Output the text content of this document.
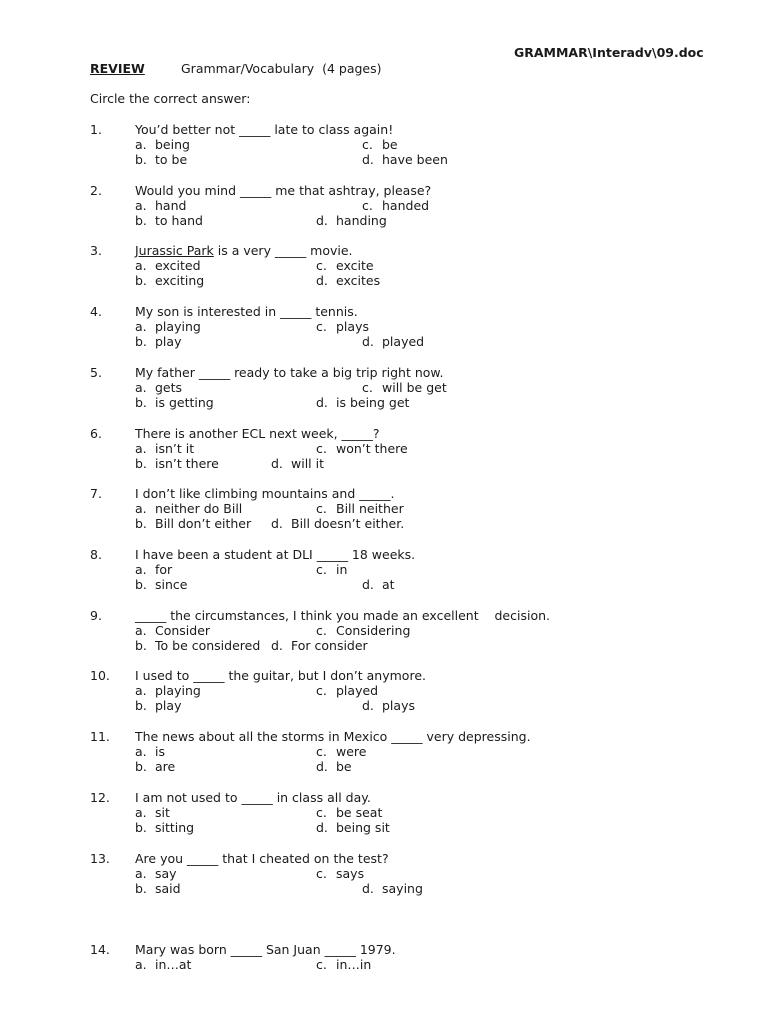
GRAMMAR\Interadv\09.doc
REVIEW	Grammar/Vocabulary  (4 pages)
Circle the correct answer:
1.	You’d better not _____ late to class again!
a. being	c. be
b. to be	d. have been
2.	Would you mind _____ me that ashtray, please?
a. hand	c. handed
b. to hand	d. handing
3.	Jurassic Park is a very _____ movie.
a. excited	c. excite
b. exciting	d. excites
4.	My son is interested in _____ tennis.
a. playing	c. plays
b. play	d. played
5.	My father _____ ready to take a big trip right now.
a. gets	c. will be get
b. is getting	d. is being get
6.	There is another ECL next week, _____?
a. isn’t it	c. won’t there
b. isn’t there	d. will it
7.	I don’t like climbing mountains and _____.
a. neither do Bill	c. Bill neither
b. Bill don’t either d. Bill doesn’t either.
8.	I have been a student at DLI _____ 18 weeks.
a. for	c. in
b. since	d. at
9.	_____ the circumstances, I think you made an excellent    decision.
a. Consider	c. Considering
b. To be considered d. For consider
10.	I used to _____ the guitar, but I don’t anymore.
a. playing	c. played
b. play	d. plays
11.	The news about all the storms in Mexico _____ very depressing.
a. is	c. were
b. are	d. be
12.	I am not used to _____ in class all day.
a. sit	c. be seat
b. sitting	d. being sit
13.	Are you _____ that I cheated on the test?
a. say	c. says
b. said	d. saying
14.	Mary was born _____ San Juan _____ 1979.
a. in…at	c. in…in
